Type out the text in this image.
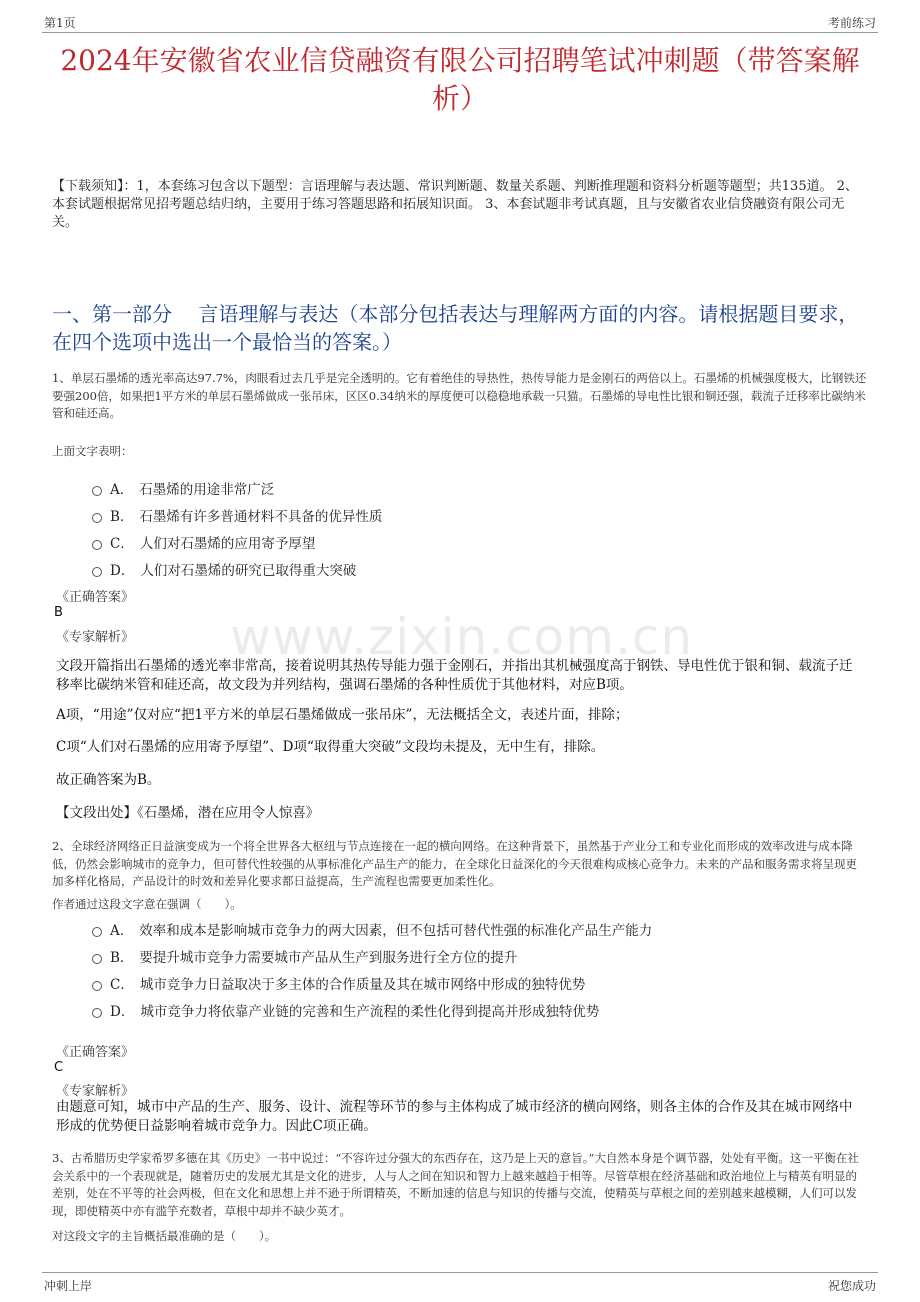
第1页	考前练习
2024年安徽省农业信贷融资有限公司招聘笔试冲刺题（带答案解析）
【下载须知】：1，本套练习包含以下题型：言语理解与表达题、常识判断题、数量关系题、判断推理题和资料分析题等题型；共135道。 2、本套试题根据常见招考题总结归纳，主要用于练习答题思路和拓展知识面。 3、本套试题非考试真题，且与安徽省农业信贷融资有限公司无关。
一、第一部分　 言语理解与表达（本部分包括表达与理解两方面的内容。请根据题目要求，在四个选项中选出一个最恰当的答案。）
1、单层石墨烯的透光率高达97.7%，肉眼看过去几乎是完全透明的。它有着绝佳的导热性，热传导能力是金刚石的两倍以上。石墨烯的机械强度极大，比钢铁还要强200倍，如果把1平方米的单层石墨烯做成一张吊床，区区0.34纳米的厚度便可以稳稳地承载一只猫。石墨烯的导电性比银和铜还强，载流子迁移率比碳纳米管和硅还高。
上面文字表明：
A． 石墨烯的用途非常广泛
B． 石墨烯有许多普通材料不具备的优异性质
C． 人们对石墨烯的应用寄予厚望
D． 人们对石墨烯的研究已取得重大突破
《正确答案》
B
《专家解析》 www.zixin.com.cn
文段开篇指出石墨烯的透光率非常高，接着说明其热传导能力强于金刚石，并指出其机械强度高于钢铁、导电性优于银和铜、载流子迁移率比碳纳米管和硅还高，故文段为并列结构，强调石墨烯的各种性质优于其他材料，对应B项。
A项，“用途”仅对应“把1平方米的单层石墨烯做成一张吊床”，无法概括全文，表述片面，排除；
C项“人们对石墨烯的应用寄予厚望”、D项“取得重大突破”文段均未提及，无中生有，排除。
故正确答案为B。
【文段出处】《石墨烯，潜在应用令人惊喜》
2、全球经济网络正日益演变成为一个将全世界各大枢纽与节点连接在一起的横向网络。在这种背景下，虽然基于产业分工和专业化而形成的效率改进与成本降低，仍然会影响城市的竞争力，但可替代性较强的从事标准化产品生产的能力，在全球化日益深化的今天很难构成核心竞争力。未来的产品和服务需求将呈现更加多样化格局，产品设计的时效和差异化要求都日益提高，生产流程也需要更加柔性化。
作者通过这段文字意在强调（　　）。
A． 效率和成本是影响城市竞争力的两大因素，但不包括可替代性强的标准化产品生产能力
B． 要提升城市竞争力需要城市产品从生产到服务进行全方位的提升
C． 城市竞争力日益取决于多主体的合作质量及其在城市网络中形成的独特优势
D． 城市竞争力将依靠产业链的完善和生产流程的柔性化得到提高并形成独特优势
《正确答案》
C
《专家解析》
由题意可知，城市中产品的生产、服务、设计、流程等环节的参与主体构成了城市经济的横向网络，则各主体的合作及其在城市网络中形成的优势便日益影响着城市竞争力。因此C项正确。
3、古希腊历史学家希罗多德在其《历史》一书中说过：“不容许过分强大的东西存在，这乃是上天的意旨。”大自然本身是个调节器，处处有平衡。这一平衡在社会关系中的一个表现就是，随着历史的发展尤其是文化的进步，人与人之间在知识和智力上越来越趋于相等。尽管草根在经济基础和政治地位上与精英有明显的差别，处在不平等的社会两极，但在文化和思想上并不逊于所谓精英，不断加速的信息与知识的传播与交流，使精英与草根之间的差别越来越模糊，人们可以发现，即使精英中亦有滥竽充数者，草根中却并不缺少英才。
对这段文字的主旨概括最准确的是（　　）。
冲刺上岸	祝您成功
